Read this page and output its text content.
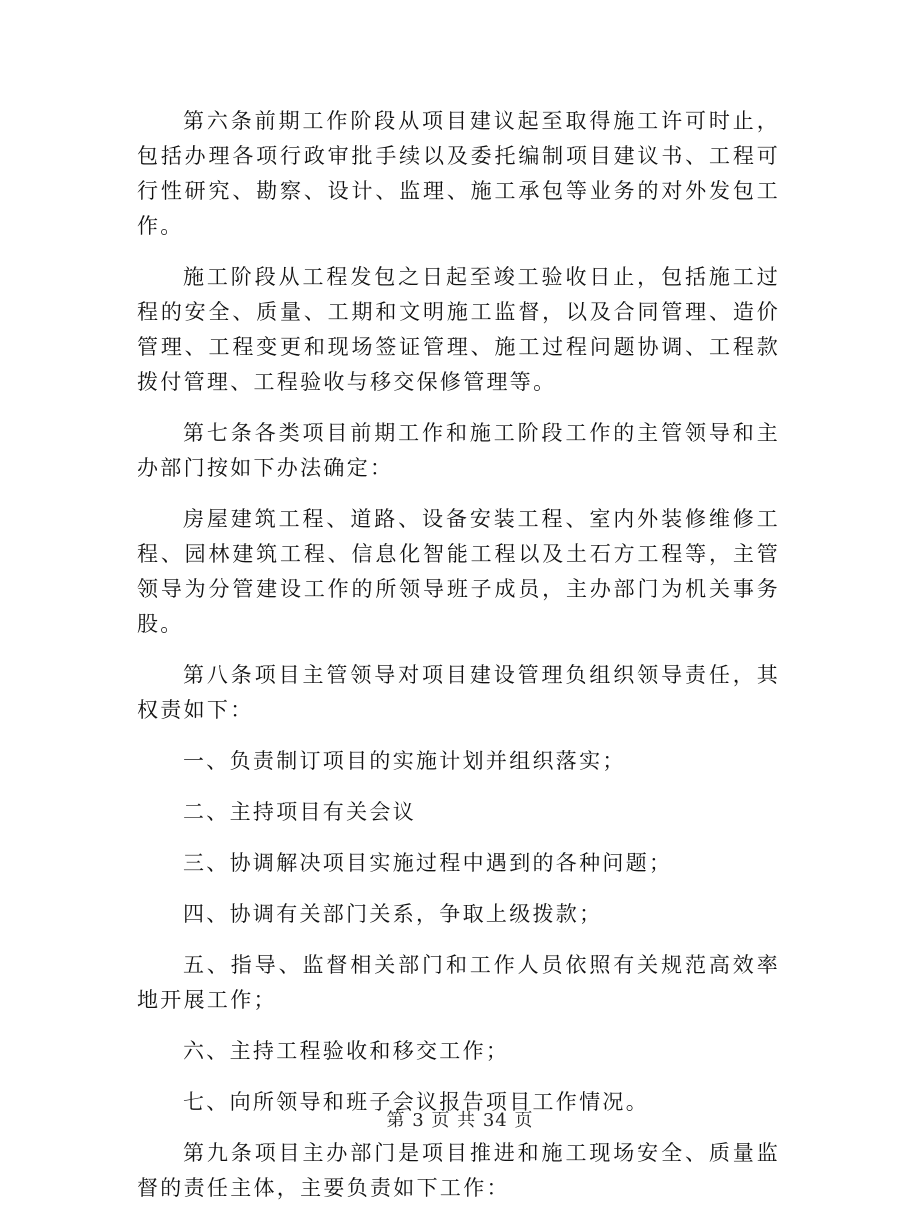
第六条前期工作阶段从项目建议起至取得施工许可时止，包括办理各项行政审批手续以及委托编制项目建议书、工程可行性研究、勘察、设计、监理、施工承包等业务的对外发包工作。

施工阶段从工程发包之日起至竣工验收日止，包括施工过程的安全、质量、工期和文明施工监督，以及合同管理、造价管理、工程变更和现场签证管理、施工过程问题协调、工程款拨付管理、工程验收与移交保修管理等。

第七条各类项目前期工作和施工阶段工作的主管领导和主办部门按如下办法确定：

房屋建筑工程、道路、设备安装工程、室内外装修维修工程、园林建筑工程、信息化智能工程以及土石方工程等，主管领导为分管建设工作的所领导班子成员，主办部门为机关事务股。

第八条项目主管领导对项目建设管理负组织领导责任，其权责如下：

一、负责制订项目的实施计划并组织落实；

二、主持项目有关会议

三、协调解决项目实施过程中遇到的各种问题；

四、协调有关部门关系，争取上级拨款；

五、指导、监督相关部门和工作人员依照有关规范高效率地开展工作；

六、主持工程验收和移交工作；

七、向所领导和班子会议报告项目工作情况。

第九条项目主办部门是项目推进和施工现场安全、质量监督的责任主体，主要负责如下工作：

第 3 页 共 34 页
